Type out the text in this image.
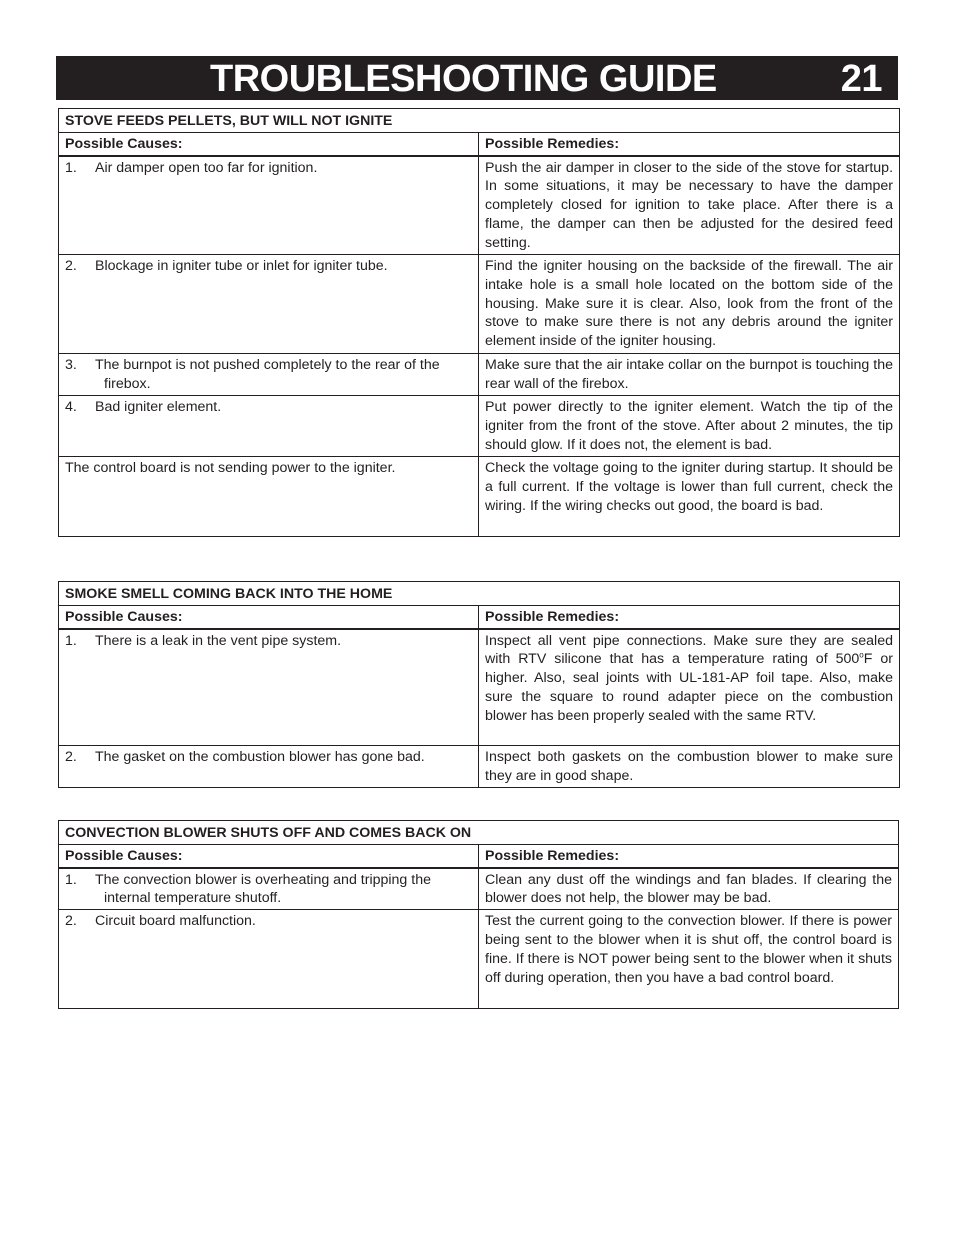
TROUBLESHOOTING GUIDE	21
STOVE FEEDS PELLETS, BUT WILL NOT IGNITE	
Possible Causes:	Possible Remedies:

1. Air damper open too far for ignition.	Push the air damper in closer to the side of the stove for startup. In some situations, it may be necessary to have the damper completely closed for ignition to take place. After there is a flame, the damper can then be adjusted for the desired feed setting.

2. Blockage in igniter tube or inlet for igniter tube.	Find the igniter housing on the backside of the firewall. The air intake hole is a small hole located on the bottom side of the housing. Make sure it is clear. Also, look from the front of the stove to make sure there is not any debris around the igniter element inside of the igniter housing.

3. The burnpot is not pushed completely to the rear of the firebox.	Make sure that the air intake collar on the burnpot is touching the rear wall of the firebox.

4. Bad igniter element.	Put power directly to the igniter element. Watch the tip of the igniter from the front of the stove. After about 2 minutes, the tip should glow. If it does not, the element is bad.
The control board is not sending power to the igniter.	Check the voltage going to the igniter during startup. It should be a full current. If the voltage is lower than full current, check the wiring. If the wiring checks out good, the board is bad.
SMOKE SMELL COMING BACK INTO THE HOME	
Possible Causes:	Possible Remedies:

1. There is a leak in the vent pipe system.	Inspect all vent pipe connections. Make sure they are sealed with RTV silicone that has a temperature rating of 500$^o$F or higher. Also, seal joints with UL-181-AP foil tape. Also, make sure the square to round adapter piece on the combustion blower has been properly sealed with the same RTV.

2. The gasket on the combustion blower has gone bad.	Inspect both gaskets on the combustion blower to make sure they are in good shape.
CONVECTION BLOWER SHUTS OFF AND COMES BACK ON	
Possible Causes:	Possible Remedies:

1. The convection blower is overheating and tripping the internal temperature shutoff.	Clean any dust off the windings and fan blades. If clearing the blower does not help, the blower may be bad.

2. Circuit board malfunction.	Test the current going to the convection blower. If there is power being sent to the blower when it is shut off, the control board is fine. If there is NOT power being sent to the blower when it shuts off during operation, then you have a bad control board.
